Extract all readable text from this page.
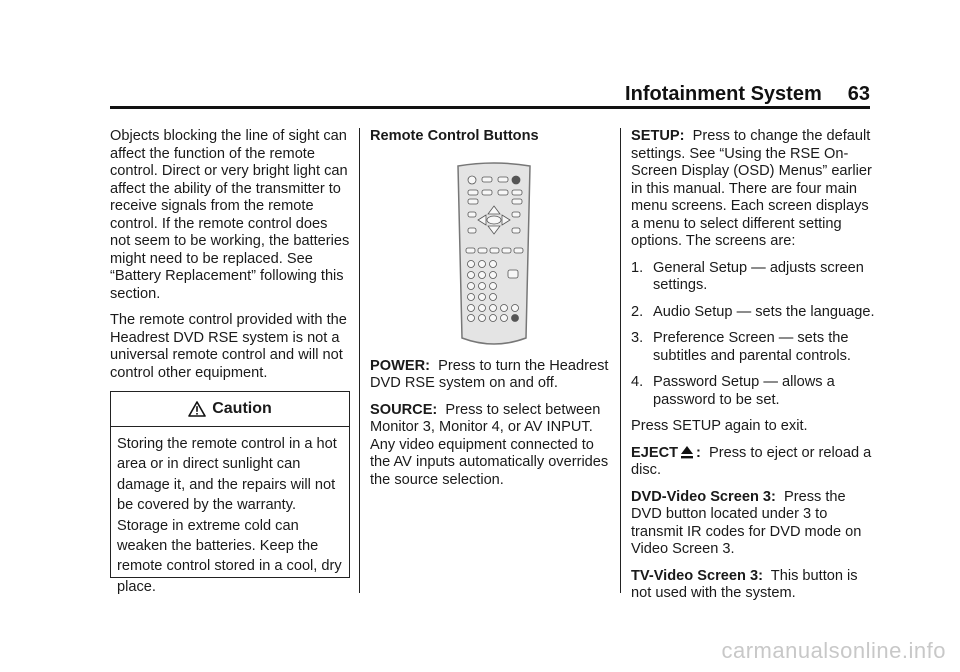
Infotainment System 63

Objects blocking the line of sight can affect the function of the remote control. Direct or very bright light can affect the ability of the transmitter to receive signals from the remote control. If the remote control does not seem to be working, the batteries might need to be replaced. See “Battery Replacement” following this section.

The remote control provided with the Headrest DVD RSE system is not a universal remote control and will not control other equipment.

Caution
Storing the remote control in a hot area or in direct sunlight can damage it, and the repairs will not be covered by the warranty. Storage in extreme cold can weaken the batteries. Keep the remote control stored in a cool, dry place.
Remote Control Buttons

POWER: Press to turn the Headrest DVD RSE system on and off.

SOURCE: Press to select between Monitor 3, Monitor 4, or AV INPUT. Any video equipment connected to the AV inputs automatically overrides the source selection.

SETUP: Press to change the default settings. See “Using the RSE On-Screen Display (OSD) Menus” earlier in this manual. There are four main menu screens. Each screen displays a menu to select different setting options. The screens are:

1. General Setup — adjusts screen settings.
2. Audio Setup — sets the language.
3. Preference Screen — sets the subtitles and parental controls.
4. Password Setup — allows a password to be set.

Press SETUP again to exit.

EJECT : Press to eject or reload a disc.

DVD-Video Screen 3: Press the DVD button located under 3 to transmit IR codes for DVD mode on Video Screen 3.

TV-Video Screen 3: This button is not used with the system.

carmanualsonline.info
